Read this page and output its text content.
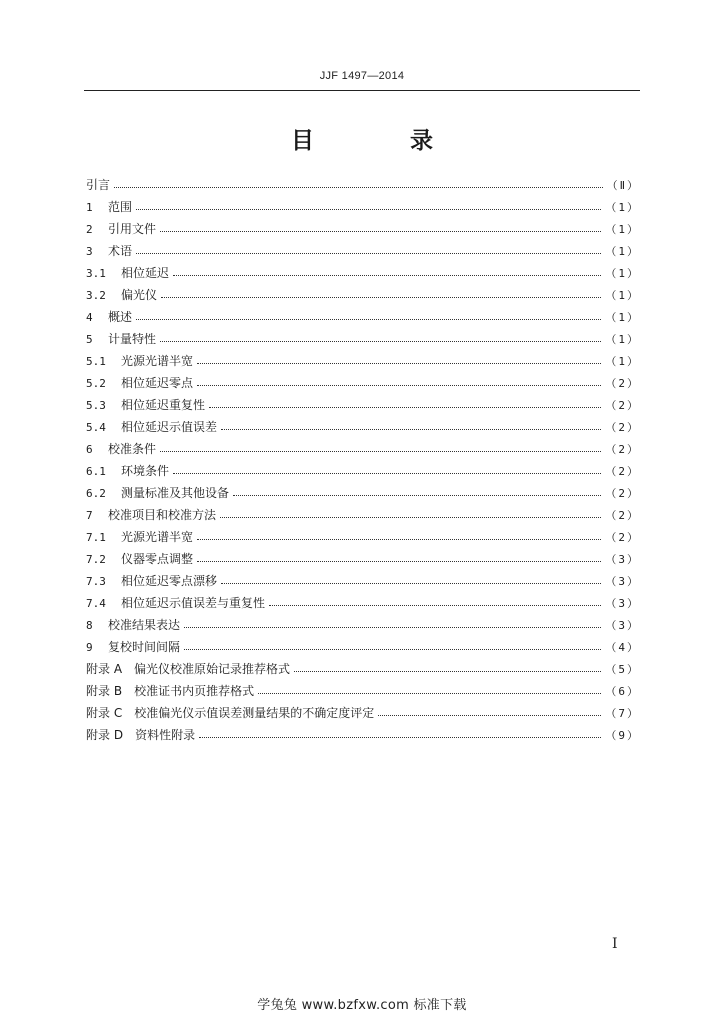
JJF 1497—2014
目 录
引言	（Ⅱ）
1	范围	（1）
2	引用文件	（1）
3	术语	（1）
3.1	相位延迟	（1）
3.2	偏光仪	（1）
4	概述	（1）
5	计量特性	（1）
5.1	光源光谱半宽	（1）
5.2	相位延迟零点	（2）
5.3	相位延迟重复性	（2）
5.4	相位延迟示值误差	（2）
6	校准条件	（2）
6.1	环境条件	（2）
6.2	测量标准及其他设备	（2）
7	校准项目和校准方法	（2）
7.1	光源光谱半宽	（2）
7.2	仪器零点调整	（3）
7.3	相位延迟零点漂移	（3）
7.4	相位延迟示值误差与重复性	（3）
8	校准结果表达	（3）
9	复校时间间隔	（4）
附录 A 偏光仪校准原始记录推荐格式	（5）
附录 B 校准证书内页推荐格式	（6）
附录 C 校准偏光仪示值误差测量结果的不确定度评定	（7）
附录 D 资料性附录	（9）
I
学兔兔 www.bzfxw.com 标准下载
